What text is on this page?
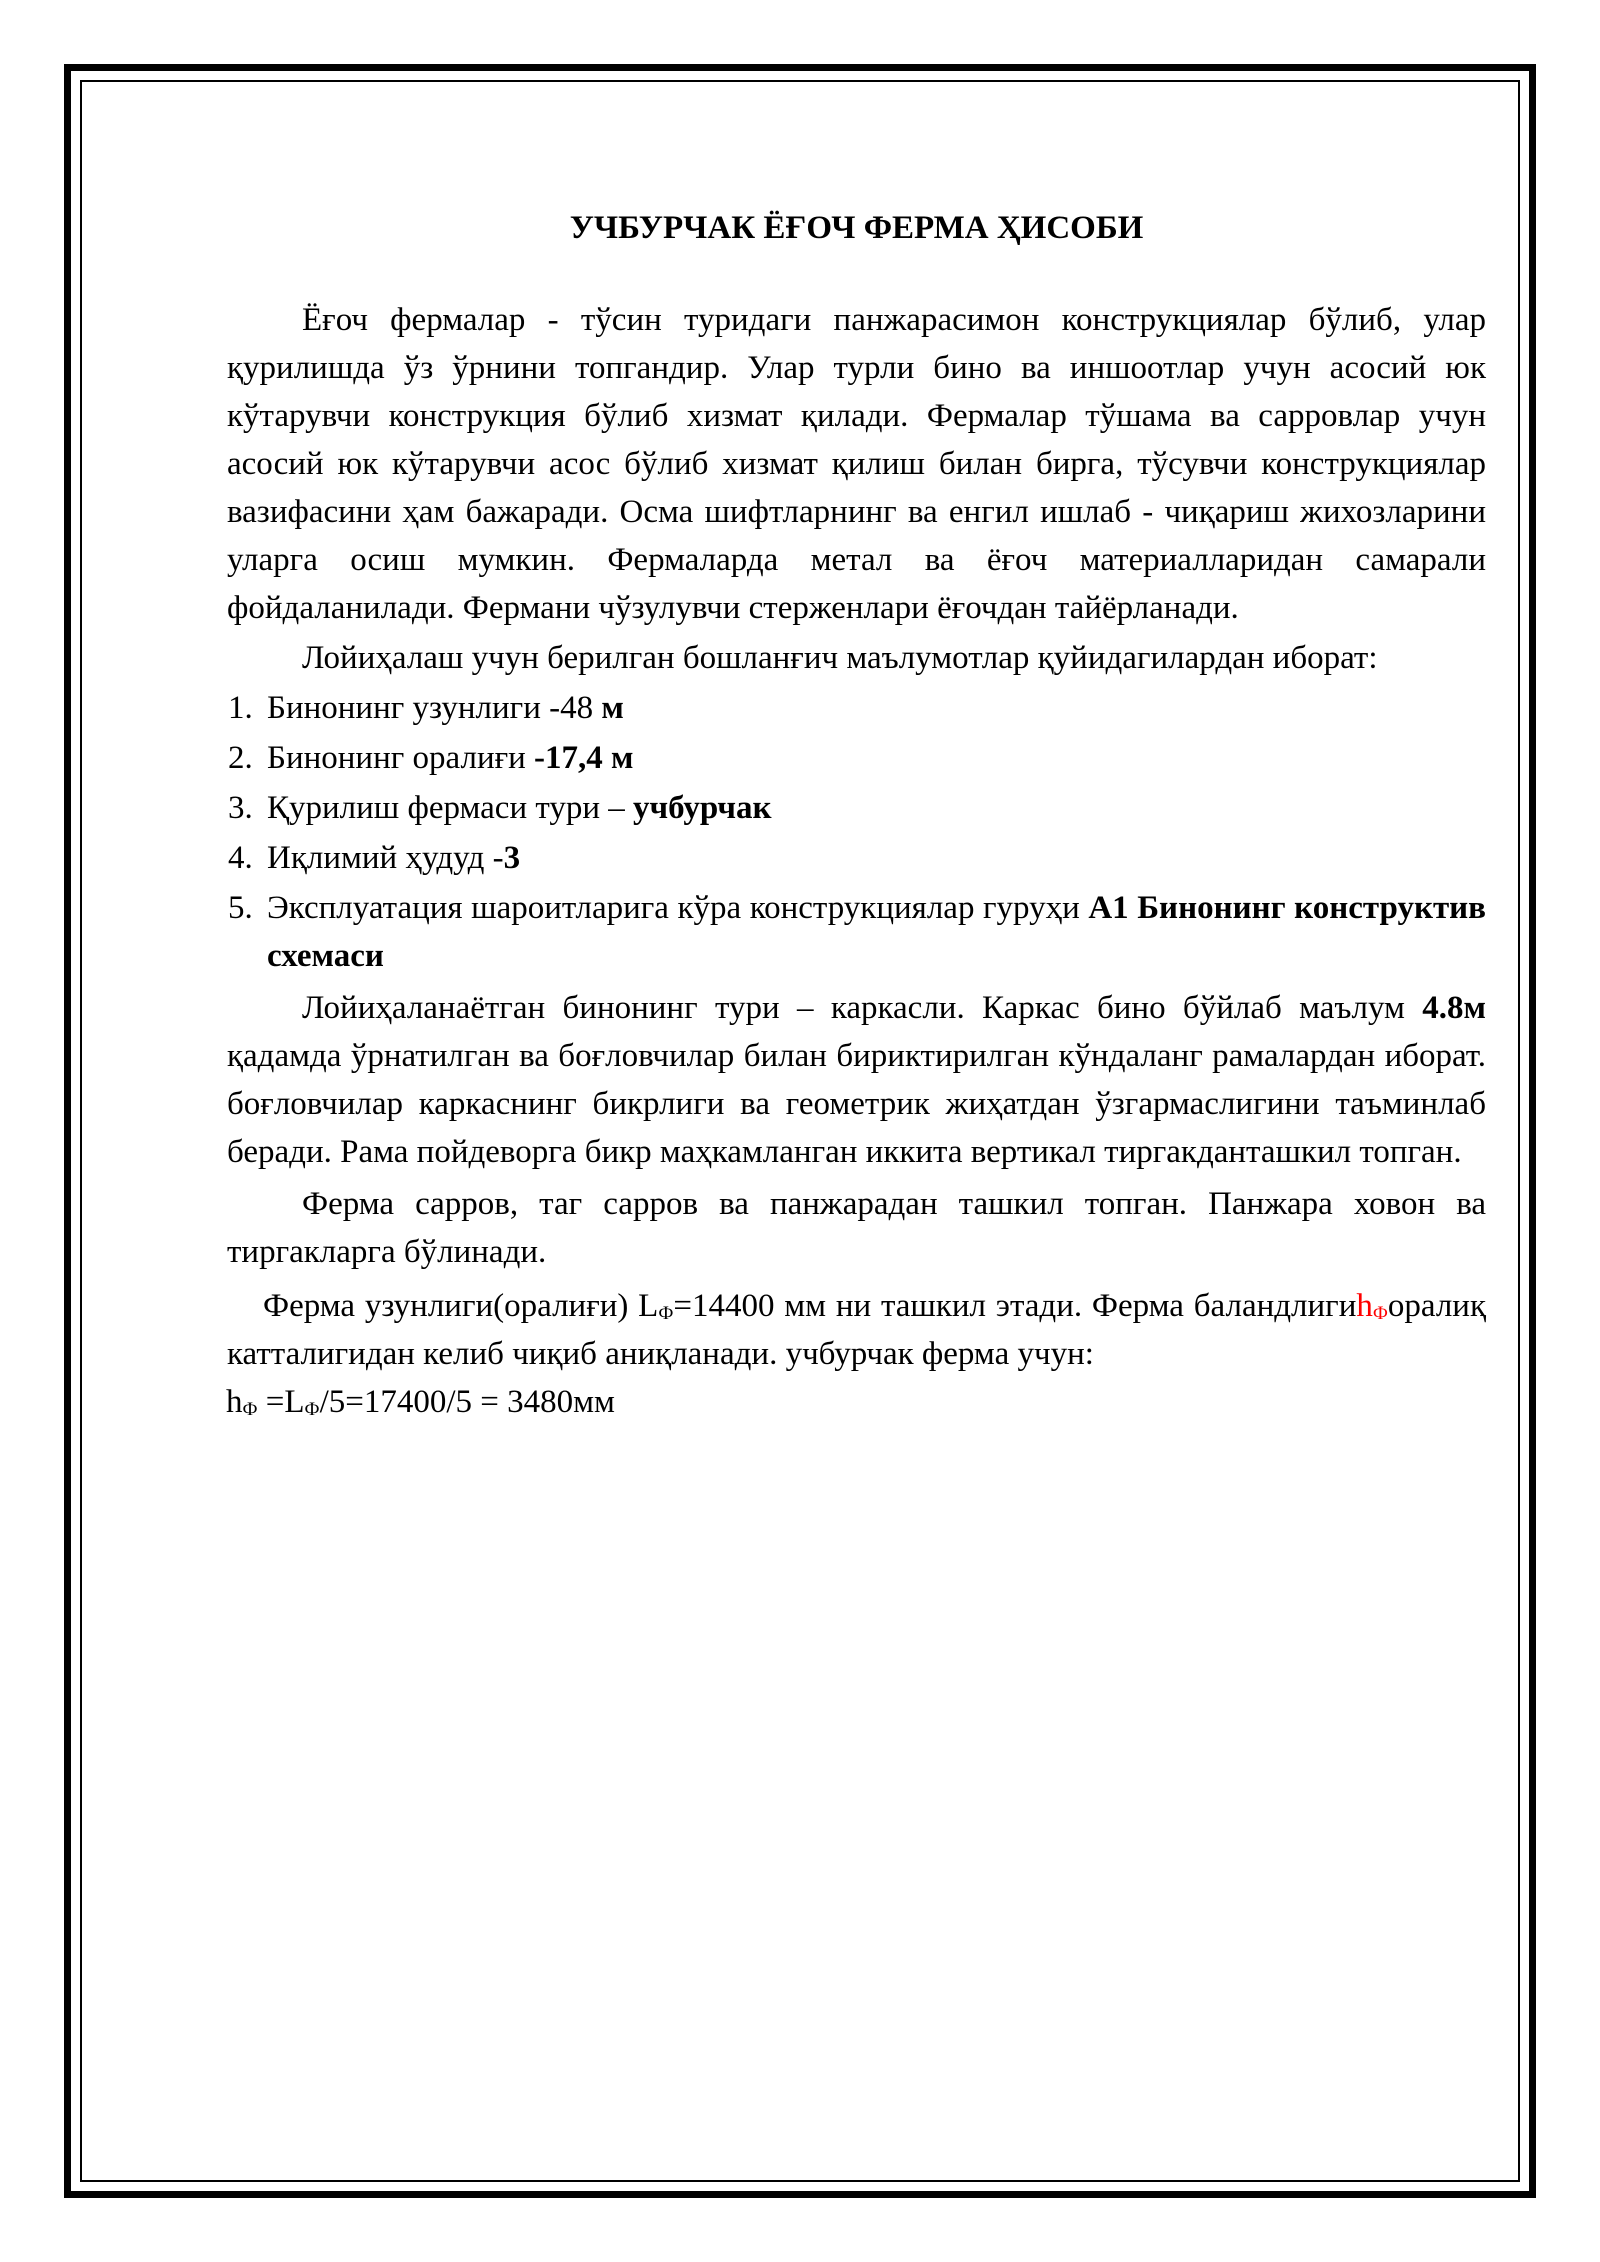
УЧБУРЧАК ЁҒОЧ ФЕРМА ҲИСОБИ

Ёғоч фермалар - тўсин туридаги панжарасимон конструкциялар бўлиб, улар қурилишда ўз ўрнини топгандир. Улар турли бино ва иншоотлар учун асосий юк кўтарувчи конструкция бўлиб хизмат қилади. Фермалар тўшама ва сарровлар учун асосий юк кўтарувчи асос бўлиб хизмат қилиш билан бирга, тўсувчи конструкциялар вазифасини ҳам бажаради. Осма шифтларнинг ва енгил ишлаб - чиқариш жихозларини уларга осиш мумкин. Фермаларда метал ва ёғоч материалларидан самарали фойдаланилади. Фермани чўзулувчи стерженлари ёғочдан тайёрланади.

Лойиҳалаш учун берилган бошланғич маълумотлар қуйидагилардан иборат:

1. Бинонинг узунлиги -48 м
2. Бинонинг оралиғи -17,4 м
3. Қурилиш фермаси тури – учбурчак
4. Иқлимий ҳудуд -3
5. Эксплуатация шароитларига кўра конструкциялар гуруҳи А1 Бинонинг конструктив схемаси

Лойиҳаланаётган бинонинг тури – каркасли. Каркас бино бўйлаб маълум 4.8м қадамда ўрнатилган ва боғловчилар билан бириктирилган кўндаланг рамалардан иборат. боғловчилар каркаснинг бикрлиги ва геометрик жиҳатдан ўзгармаслигини таъминлаб беради. Рама пойдеворга бикр маҳкамланган иккита вертикал тиргакданташкил топган.

Ферма сарров, таг сарров ва панжарадан ташкил топган. Панжара ховон ва тиргакларга бўлинади.

Ферма узунлиги(оралиғи) $L_Ф=14400$ мм ни ташкил этади. Ферма баландлигиh$_Ф$оралиқ катталигидан келиб чиқиб аниқланади. учбурчак ферма учун:

$h_Ф =L_Ф/5=17400/5 = 3480мм$
